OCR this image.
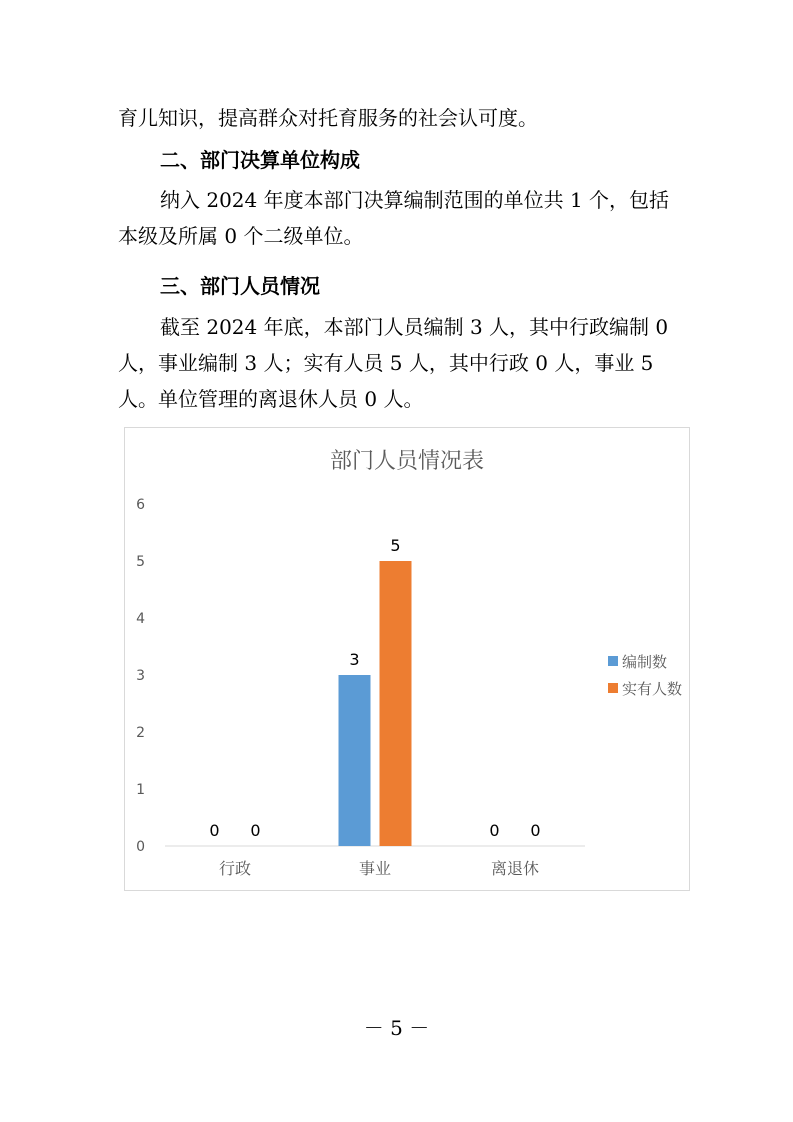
育儿知识，提高群众对托育服务的社会认可度。

二、部门决算单位构成

纳入 2024 年度本部门决算编制范围的单位共 1 个，包括本级及所属 0 个二级单位。

三、部门人员情况

截至 2024 年底，本部门人员编制 3 人，其中行政编制 0 人，事业编制 3 人；实有人员 5 人，其中行政 0 人，事业 5 人。单位管理的离退休人员 0 人。

部门人员情况表
0
1
2
3
4
5
6
行政
0 0
事业
3
5
离退休
0 0
编制数
实有人数
－ 5 －
